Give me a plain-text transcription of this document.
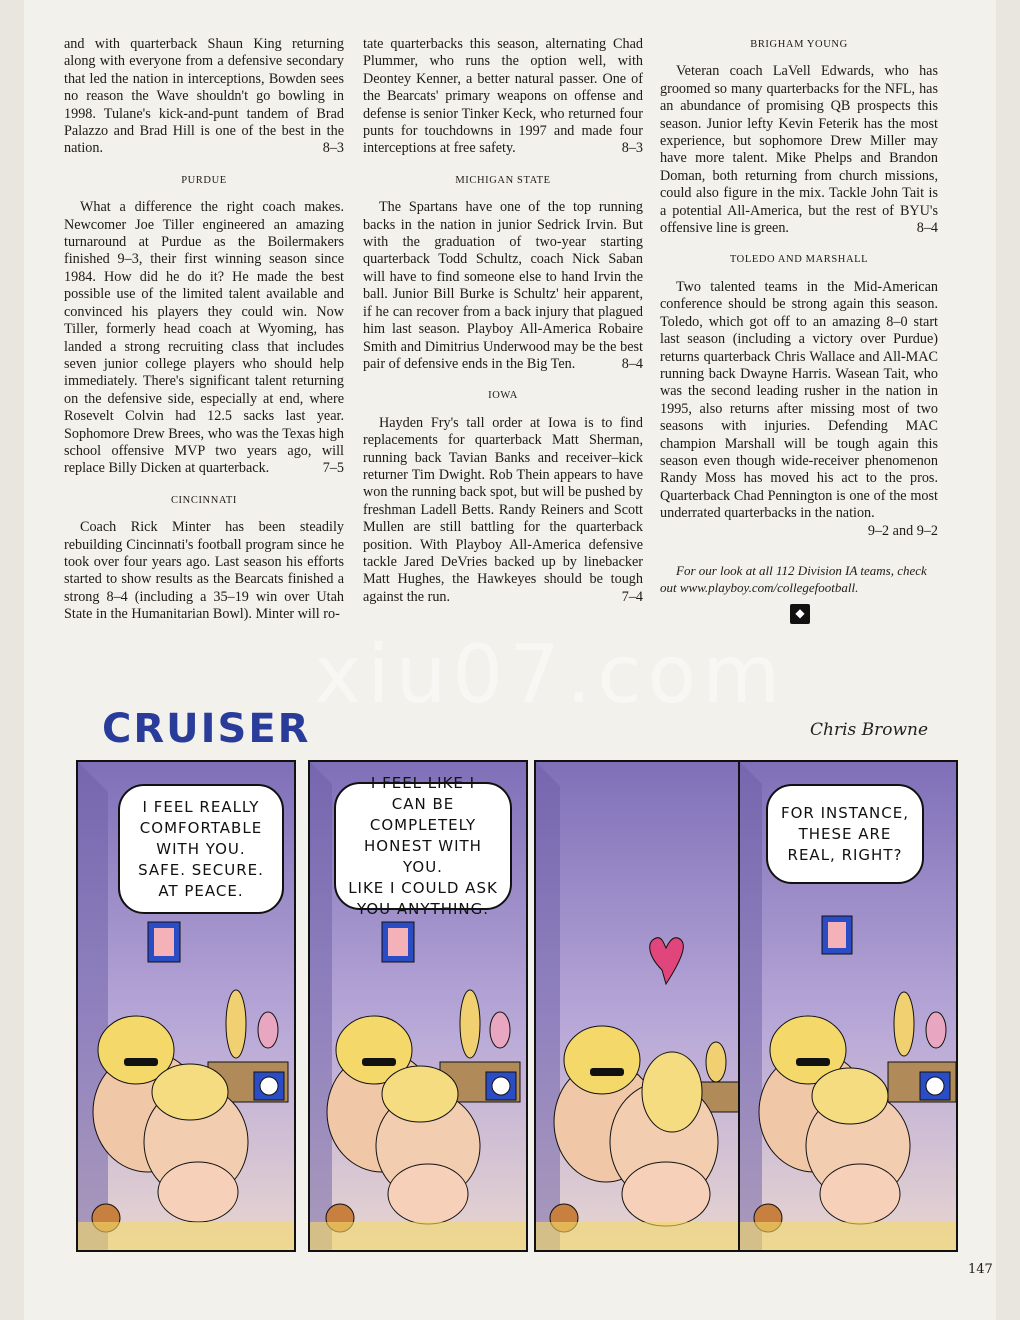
and with quarterback Shaun King returning along with everyone from a defensive secondary that led the nation in interceptions, Bowden sees no reason the Wave shouldn't go bowling in 1998. Tulane's kick-and-punt tandem of Brad Palazzo and Brad Hill is one of the best in the nation.	8–3

PURDUE

What a difference the right coach makes. Newcomer Joe Tiller engineered an amazing turnaround at Purdue as the Boilermakers finished 9–3, their first winning season since 1984. How did he do it? He made the best possible use of the limited talent available and convinced his players they could win. Now Tiller, formerly head coach at Wyoming, has landed a strong recruiting class that includes seven junior college players who should help immediately. There's significant talent returning on the defensive side, especially at end, where Rosevelt Colvin had 12.5 sacks last year. Sophomore Drew Brees, who was the Texas high school offensive MVP two years ago, will replace Billy Dicken at quarterback.	7–5

CINCINNATI

Coach Rick Minter has been steadily rebuilding Cincinnati's football program since he took over four years ago. Last season his efforts started to show results as the Bearcats finished a strong 8–4 (including a 35–19 win over Utah State in the Humanitarian Bowl). Minter will ro-

tate quarterbacks this season, alternating Chad Plummer, who runs the option well, with Deontey Kenner, a better natural passer. One of the Bearcats' primary weapons on offense and defense is senior Tinker Keck, who returned four punts for touchdowns in 1997 and made four interceptions at free safety.	8–3

MICHIGAN STATE

The Spartans have one of the top running backs in the nation in junior Sedrick Irvin. But with the graduation of two-year starting quarterback Todd Schultz, coach Nick Saban will have to find someone else to hand Irvin the ball. Junior Bill Burke is Schultz' heir apparent, if he can recover from a back injury that plagued him last season. Playboy All-America Robaire Smith and Dimitrius Underwood may be the best pair of defensive ends in the Big Ten.	8–4

IOWA

Hayden Fry's tall order at Iowa is to find replacements for quarterback Matt Sherman, running back Tavian Banks and receiver–kick returner Tim Dwight. Rob Thein appears to have won the running back spot, but will be pushed by freshman Ladell Betts. Randy Reiners and Scott Mullen are still battling for the quarterback position. With Playboy All-America defensive tackle Jared DeVries backed up by linebacker Matt Hughes, the Hawkeyes should be tough against the run.	7–4

BRIGHAM YOUNG

Veteran coach LaVell Edwards, who has groomed so many quarterbacks for the NFL, has an abundance of promising QB prospects this season. Junior lefty Kevin Feterik has the most experience, but sophomore Drew Miller may have more talent. Mike Phelps and Brandon Doman, both returning from church missions, could also figure in the mix. Tackle John Tait is a potential All-America, but the rest of BYU's offensive line is green.	8–4

TOLEDO AND MARSHALL

Two talented teams in the Mid-American conference should be strong again this season. Toledo, which got off to an amazing 8–0 start last season (including a victory over Purdue) returns quarterback Chris Wallace and All-MAC running back Dwayne Harris. Wasean Tait, who was the second leading rusher in the nation in 1995, also returns after missing most of two seasons with injuries. Defending MAC champion Marshall will be tough again this season even though wide-receiver phenomenon Randy Moss has moved his act to the pros. Quarterback Chad Pennington is one of the most underrated quarterbacks in the nation.
9–2 and 9–2

For our look at all 112 Division IA teams, check out www.playboy.com/collegefootball.
◆
xiu07.com
CRUISER	Chris Browne
I FEEL REALLY
COMFORTABLE
WITH YOU.
SAFE. SECURE.
AT PEACE.
I FEEL LIKE I
CAN BE COMPLETELY
HONEST WITH YOU.
LIKE I COULD ASK
YOU ANYTHING.
FOR INSTANCE,
THESE ARE
REAL, RIGHT?
147
